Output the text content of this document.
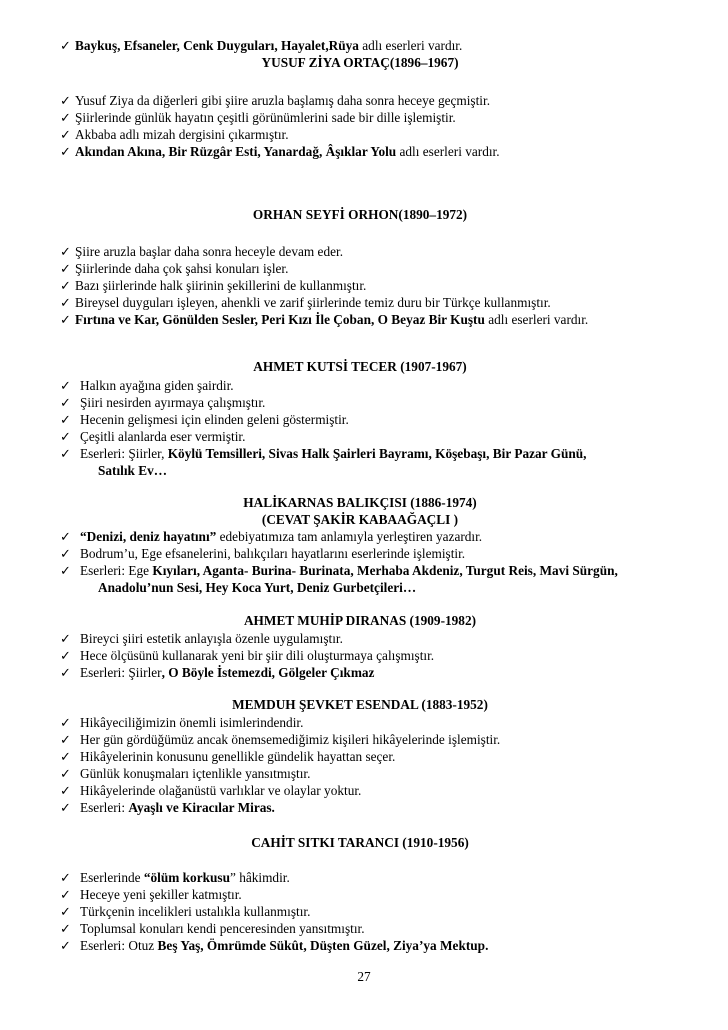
✓ Baykuş, Efsaneler, Cenk Duyguları, Hayalet,Rüya adlı eserleri vardır.
YUSUF ZİYA ORTAÇ(1896–1967)
✓ Yusuf Ziya da diğerleri gibi şiire aruzla başlamış daha sonra heceye geçmiştir.
✓ Şiirlerinde günlük hayatın çeşitli görünümlerini sade bir dille işlemiştir.
✓ Akbaba adlı mizah dergisini çıkarmıştır.
✓ Akından Akına, Bir Rüzgâr Esti, Yanardağ, Âşıklar Yolu adlı eserleri vardır.
ORHAN SEYFİ ORHON(1890–1972)
✓ Şiire aruzla başlar daha sonra heceyle devam eder.
✓ Şiirlerinde daha çok şahsi konuları işler.
✓ Bazı şiirlerinde halk şiirinin şekillerini de kullanmıştır.
✓ Bireysel duyguları işleyen, ahenkli ve zarif şiirlerinde temiz duru bir Türkçe kullanmıştır.
✓ Fırtına ve Kar, Gönülden Sesler, Peri Kızı İle Çoban, O Beyaz Bir Kuştu adlı eserleri vardır.
AHMET KUTSİ TECER (1907-1967)
✓ Halkın ayağına giden şairdir.
✓ Şiiri nesirden ayırmaya çalışmıştır.
✓ Hecenin gelişmesi için elinden geleni göstermiştir.
✓ Çeşitli alanlarda eser vermiştir.
✓ Eserleri: Şiirler, Köylü Temsilleri, Sivas Halk Şairleri Bayramı, Köşebaşı, Bir Pazar Günü,
Satılık Ev…
HALİKARNAS BALIKÇISI (1886-1974)
(CEVAT ŞAKİR KABAAĞAÇLI )
✓ “Denizi, deniz hayatını” edebiyatımıza tam anlamıyla yerleştiren yazardır.
✓ Bodrum’u, Ege efsanelerini, balıkçıları hayatlarını eserlerinde işlemiştir.
✓ Eserleri: Ege Kıyıları, Aganta- Burina- Burinata, Merhaba Akdeniz, Turgut Reis, Mavi Sürgün,
Anadolu’nun Sesi, Hey Koca Yurt, Deniz Gurbetçileri…
AHMET MUHİP DIRANAS (1909-1982)
✓ Bireyci şiiri estetik anlayışla özenle uygulamıştır.
✓ Hece ölçüsünü kullanarak yeni bir şiir dili oluşturmaya çalışmıştır.
✓ Eserleri: Şiirler, O Böyle İstemezdi, Gölgeler Çıkmaz
MEMDUH ŞEVKET ESENDAL (1883-1952)
✓ Hikâyeciliğimizin önemli isimlerindendir.
✓ Her gün gördüğümüz ancak önemsemediğimiz kişileri hikâyelerinde işlemiştir.
✓ Hikâyelerinin konusunu genellikle gündelik hayattan seçer.
✓ Günlük konuşmaları içtenlikle yansıtmıştır.
✓ Hikâyelerinde olağanüstü varlıklar ve olaylar yoktur.
✓ Eserleri: Ayaşlı ve Kiracılar Miras.
CAHİT SITKI TARANCI (1910-1956)
✓ Eserlerinde “ölüm korkusu” hâkimdir.
✓ Heceye yeni şekiller katmıştır.
✓ Türkçenin incelikleri ustalıkla kullanmıştır.
✓ Toplumsal konuları kendi penceresinden yansıtmıştır.
✓ Eserleri: Otuz Beş Yaş, Ömrümde Sükût, Düşten Güzel, Ziya’ya Mektup.
27
